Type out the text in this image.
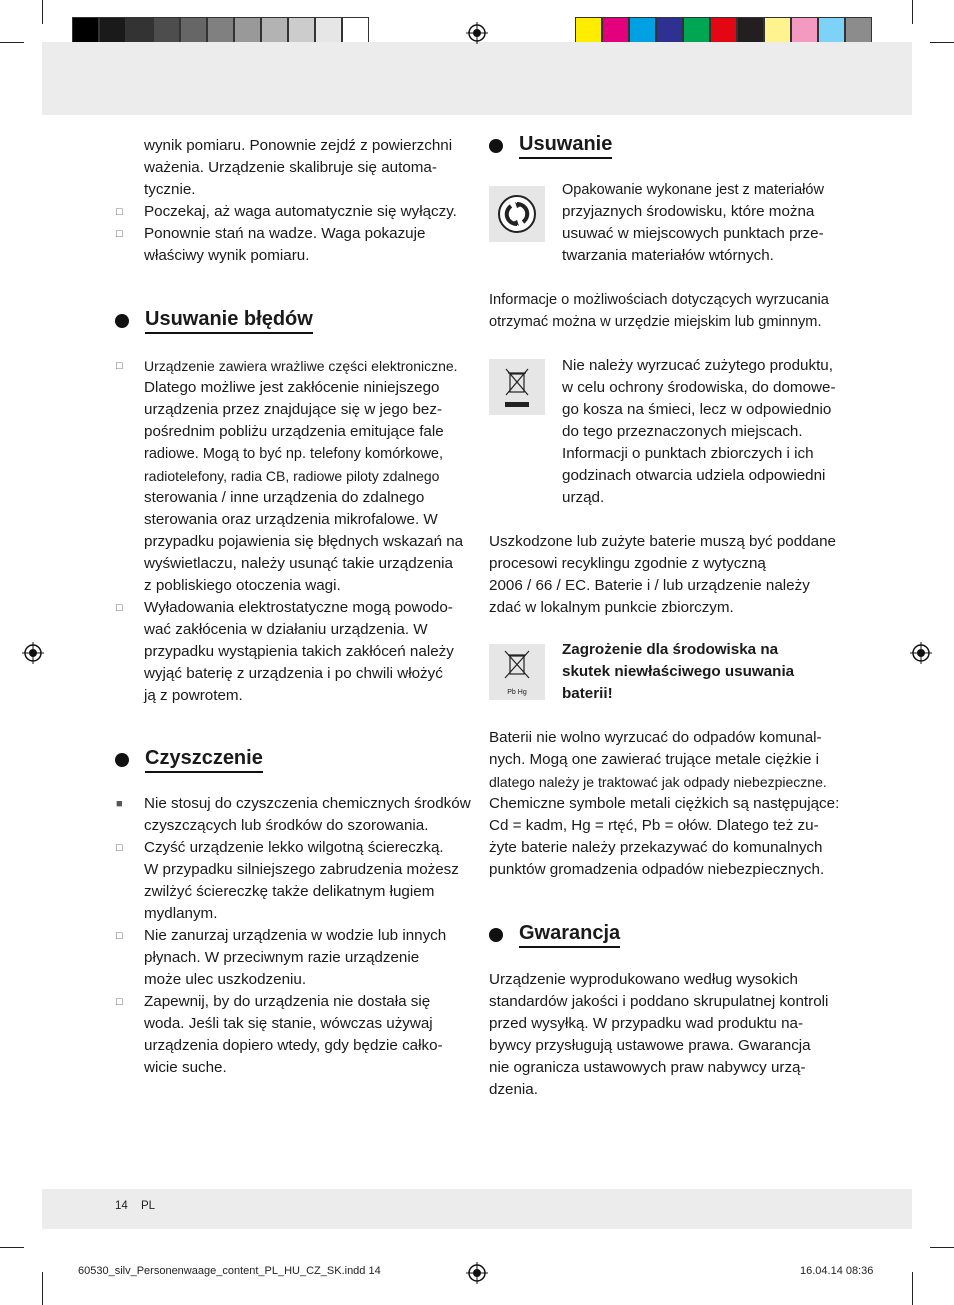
wynik pomiaru. Ponownie zejdź z powierzchni
ważenia. Urządzenie skalibruje się automa-
tycznie.
□ Poczekaj, aż waga automatycznie się wyłączy.
□ Ponownie stań na wadze. Waga pokazuje
właściwy wynik pomiaru.
Usuwanie błędów
□ Urządzenie zawiera wrażliwe części elektroniczne.
Dlatego możliwe jest zakłócenie niniejszego
urządzenia przez znajdujące się w jego bez-
pośrednim pobliżu urządzenia emitujące fale
radiowe. Mogą to być np. telefony komórkowe,
radiotelefony, radia CB, radiowe piloty zdalnego
sterowania / inne urządzenia do zdalnego
sterowania oraz urządzenia mikrofalowe. W
przypadku pojawienia się błędnych wskazań na
wyświetlaczu, należy usunąć takie urządzenia
z pobliskiego otoczenia wagi.
□ Wyładowania elektrostatyczne mogą powodo-
wać zakłócenia w działaniu urządzenia. W
przypadku wystąpienia takich zakłóceń należy
wyjąć baterię z urządzenia i po chwili włożyć
ją z powrotem.
Czyszczenie
■ Nie stosuj do czyszczenia chemicznych środków
czyszczących lub środków do szorowania.
□ Czyść urządzenie lekko wilgotną ściereczką.
W przypadku silniejszego zabrudzenia możesz
zwilżyć ściereczkę także delikatnym ługiem
mydlanym.
□ Nie zanurzaj urządzenia w wodzie lub innych
płynach. W przeciwnym razie urządzenie
może ulec uszkodzeniu.
□ Zapewnij, by do urządzenia nie dostała się
woda. Jeśli tak się stanie, wówczas używaj
urządzenia dopiero wtedy, gdy będzie całko-
wicie suche.
Usuwanie
Opakowanie wykonane jest z materiałów
przyjaznych środowisku, które można
usuwać w miejscowych punktach prze-
twarzania materiałów wtórnych.
Informacje o możliwościach dotyczących wyrzucania
otrzymać można w urzędzie miejskim lub gminnym.
Nie należy wyrzucać zużytego produktu,
w celu ochrony środowiska, do domowe-
go kosza na śmieci, lecz w odpowiednio
do tego przeznaczonych miejscach.
Informacji o punktach zbiorczych i ich
godzinach otwarcia udziela odpowiedni
urząd.
Uszkodzone lub zużyte baterie muszą być poddane
procesowi recyklingu zgodnie z wytyczną
2006 / 66 / EC. Baterie i / lub urządzenie należy
zdać w lokalnym punkcie zbiorczym.
Pb Hg
Zagrożenie dla środowiska na
skutek niewłaściwego usuwania
baterii!
Baterii nie wolno wyrzucać do odpadów komunal-
nych. Mogą one zawierać trujące metale ciężkie i
dlatego należy je traktować jak odpady niebezpieczne.
Chemiczne symbole metali ciężkich są następujące:
Cd = kadm, Hg = rtęć, Pb = ołów. Dlatego też zu-
żyte baterie należy przekazywać do komunalnych
punktów gromadzenia odpadów niebezpiecznych.
Gwarancja
Urządzenie wyprodukowano według wysokich
standardów jakości i poddano skrupulatnej kontroli
przed wysyłką. W przypadku wad produktu na-
bywcy przysługują ustawowe prawa. Gwarancja
nie ogranicza ustawowych praw nabywcy urzą-
dzenia.
14 PL
60530_silv_Personenwaage_content_PL_HU_CZ_SK.indd 14	16.04.14 08:36
